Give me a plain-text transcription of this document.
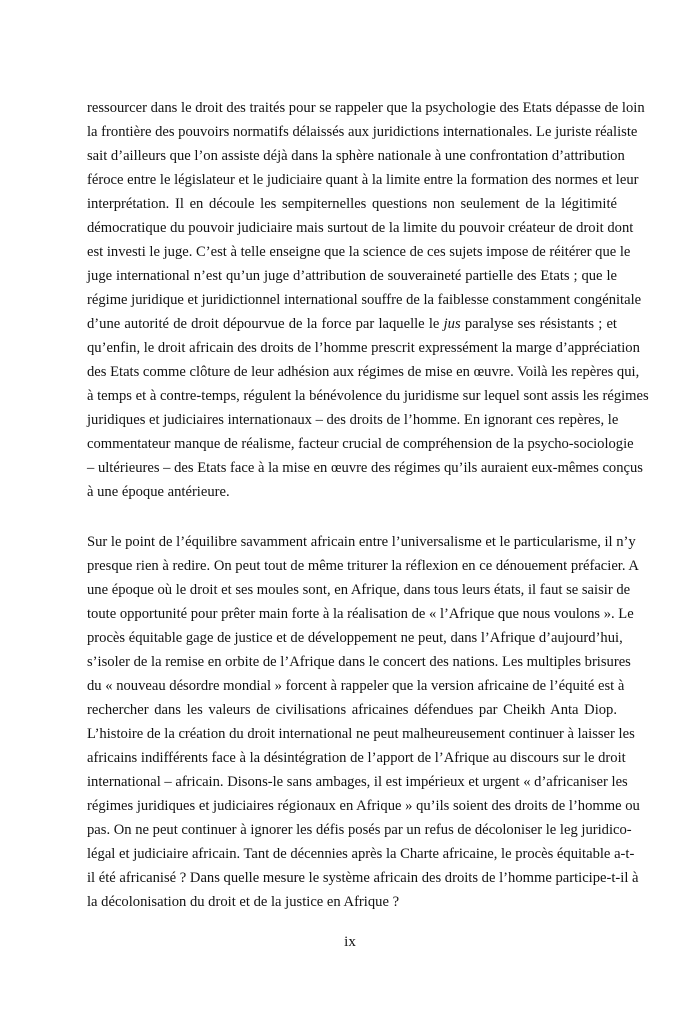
ressourcer dans le droit des traités pour se rappeler que la psychologie des Etats dépasse de loin
la frontière des pouvoirs normatifs délaissés aux juridictions internationales. Le juriste réaliste
sait d’ailleurs que l’on assiste déjà dans la sphère nationale à une confrontation d’attribution
féroce entre le législateur et le judiciaire quant à la limite entre la formation des normes et leur
interprétation. Il en découle les sempiternelles questions non seulement de la légitimité
démocratique du pouvoir judiciaire mais surtout de la limite du pouvoir créateur de droit dont
est investi le juge. C’est à telle enseigne que la science de ces sujets impose de réitérer que le
juge international n’est qu’un juge d’attribution de souveraineté partielle des Etats ; que le
régime juridique et juridictionnel international souffre de la faiblesse constamment congénitale
d’une autorité de droit dépourvue de la force par laquelle le jus paralyse ses résistants ; et
qu’enfin, le droit africain des droits de l’homme prescrit expressément la marge d’appréciation
des Etats comme clôture de leur adhésion aux régimes de mise en œuvre. Voilà les repères qui,
à temps et à contre-temps, régulent la bénévolence du juridisme sur lequel sont assis les régimes
juridiques et judiciaires internationaux – des droits de l’homme. En ignorant ces repères, le
commentateur manque de réalisme, facteur crucial de compréhension de la psycho-sociologie
– ultérieures – des Etats face à la mise en œuvre des régimes qu’ils auraient eux-mêmes conçus
à une époque antérieure.
Sur le point de l’équilibre savamment africain entre l’universalisme et le particularisme, il n’y
presque rien à redire. On peut tout de même triturer la réflexion en ce dénouement préfacier. A
une époque où le droit et ses moules sont, en Afrique, dans tous leurs états, il faut se saisir de
toute opportunité pour prêter main forte à la réalisation de « l’Afrique que nous voulons ». Le
procès équitable gage de justice et de développement ne peut, dans l’Afrique d’aujourd’hui,
s’isoler de la remise en orbite de l’Afrique dans le concert des nations. Les multiples brisures
du « nouveau désordre mondial » forcent à rappeler que la version africaine de l’équité est à
rechercher dans les valeurs de civilisations africaines défendues par Cheikh Anta Diop.
L’histoire de la création du droit international ne peut malheureusement continuer à laisser les
africains indifférents face à la désintégration de l’apport de l’Afrique au discours sur le droit
international – africain. Disons-le sans ambages, il est impérieux et urgent « d’africaniser les
régimes juridiques et judiciaires régionaux en Afrique » qu’ils soient des droits de l’homme ou
pas. On ne peut continuer à ignorer les défis posés par un refus de décoloniser le leg juridico-
légal et judiciaire africain. Tant de décennies après la Charte africaine, le procès équitable a-t-
il été africanisé ? Dans quelle mesure le système africain des droits de l’homme participe-t-il à
la décolonisation du droit et de la justice en Afrique ?
ix
